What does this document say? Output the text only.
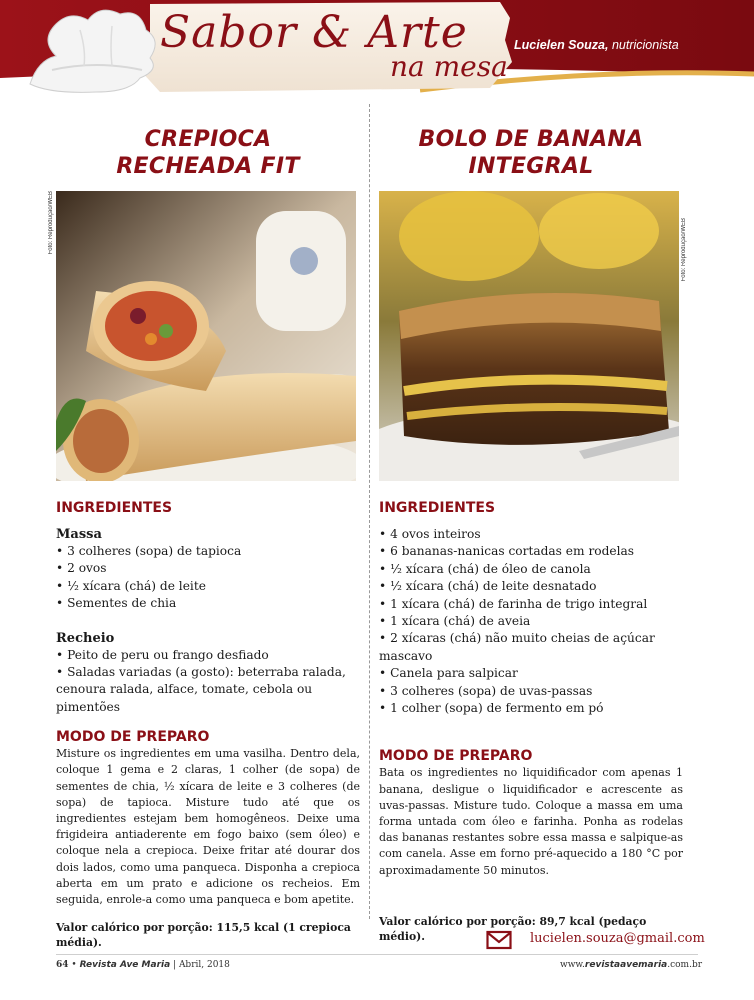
Sabor & Arte
na mesa
Lucielen Souza, nutricionista
CREPIOCA
RECHEADA FIT
Foto: Reprodução/WEB

INGREDIENTES

Massa

• 3 colheres (sopa) de tapioca
• 2 ovos
• ½ xícara (chá) de leite
• Sementes de chia

Recheio

• Peito de peru ou frango desfiado
• Saladas variadas (a gosto): beterraba ralada, cenoura ralada, alface, tomate, cebola ou pimentões

MODO DE PREPARO

Misture os ingredientes em uma vasilha. Dentro dela, coloque 1 gema e 2 claras, 1 colher (de sopa) de sementes de chia, ½ xícara de leite e 3 colheres (de sopa) de tapioca. Misture tudo até que os ingredientes estejam bem homogêneos. Deixe uma frigideira antiaderente em fogo baixo (sem óleo) e coloque nela a crepioca. Deixe fritar até dourar dos dois lados, como uma panqueca. Disponha a crepioca aberta em um prato e adicione os recheios. Em seguida, enrole-a como uma panqueca e bom apetite.

Valor calórico por porção: 115,5 kcal (1 crepioca média).

BOLO DE BANANA
INTEGRAL
Foto: Reprodução/WEB

INGREDIENTES

• 4 ovos inteiros
• 6 bananas-nanicas cortadas em rodelas
• ½ xícara (chá) de óleo de canola
• ½ xícara (chá) de leite desnatado
• 1 xícara (chá) de farinha de trigo integral
• 1 xícara (chá) de aveia
• 2 xícaras (chá) não muito cheias de açúcar mascavo
• Canela para salpicar
• 3 colheres (sopa) de uvas-passas
• 1 colher (sopa) de fermento em pó

MODO DE PREPARO

Bata os ingredientes no liquidificador com apenas 1 banana, desligue o liquidificador e acrescente as uvas-passas. Misture tudo. Coloque a massa em uma forma untada com óleo e farinha. Ponha as rodelas das bananas restantes sobre essa massa e salpique-as com canela. Asse em forno pré-aquecido a 180 °C por aproximadamente 50 minutos.

Valor calórico por porção: 89,7 kcal (pedaço médio).	lucielen.souza@gmail.com
64 • Revista Ave Maria | Abril, 2018	www.revistaavemaria.com.br
